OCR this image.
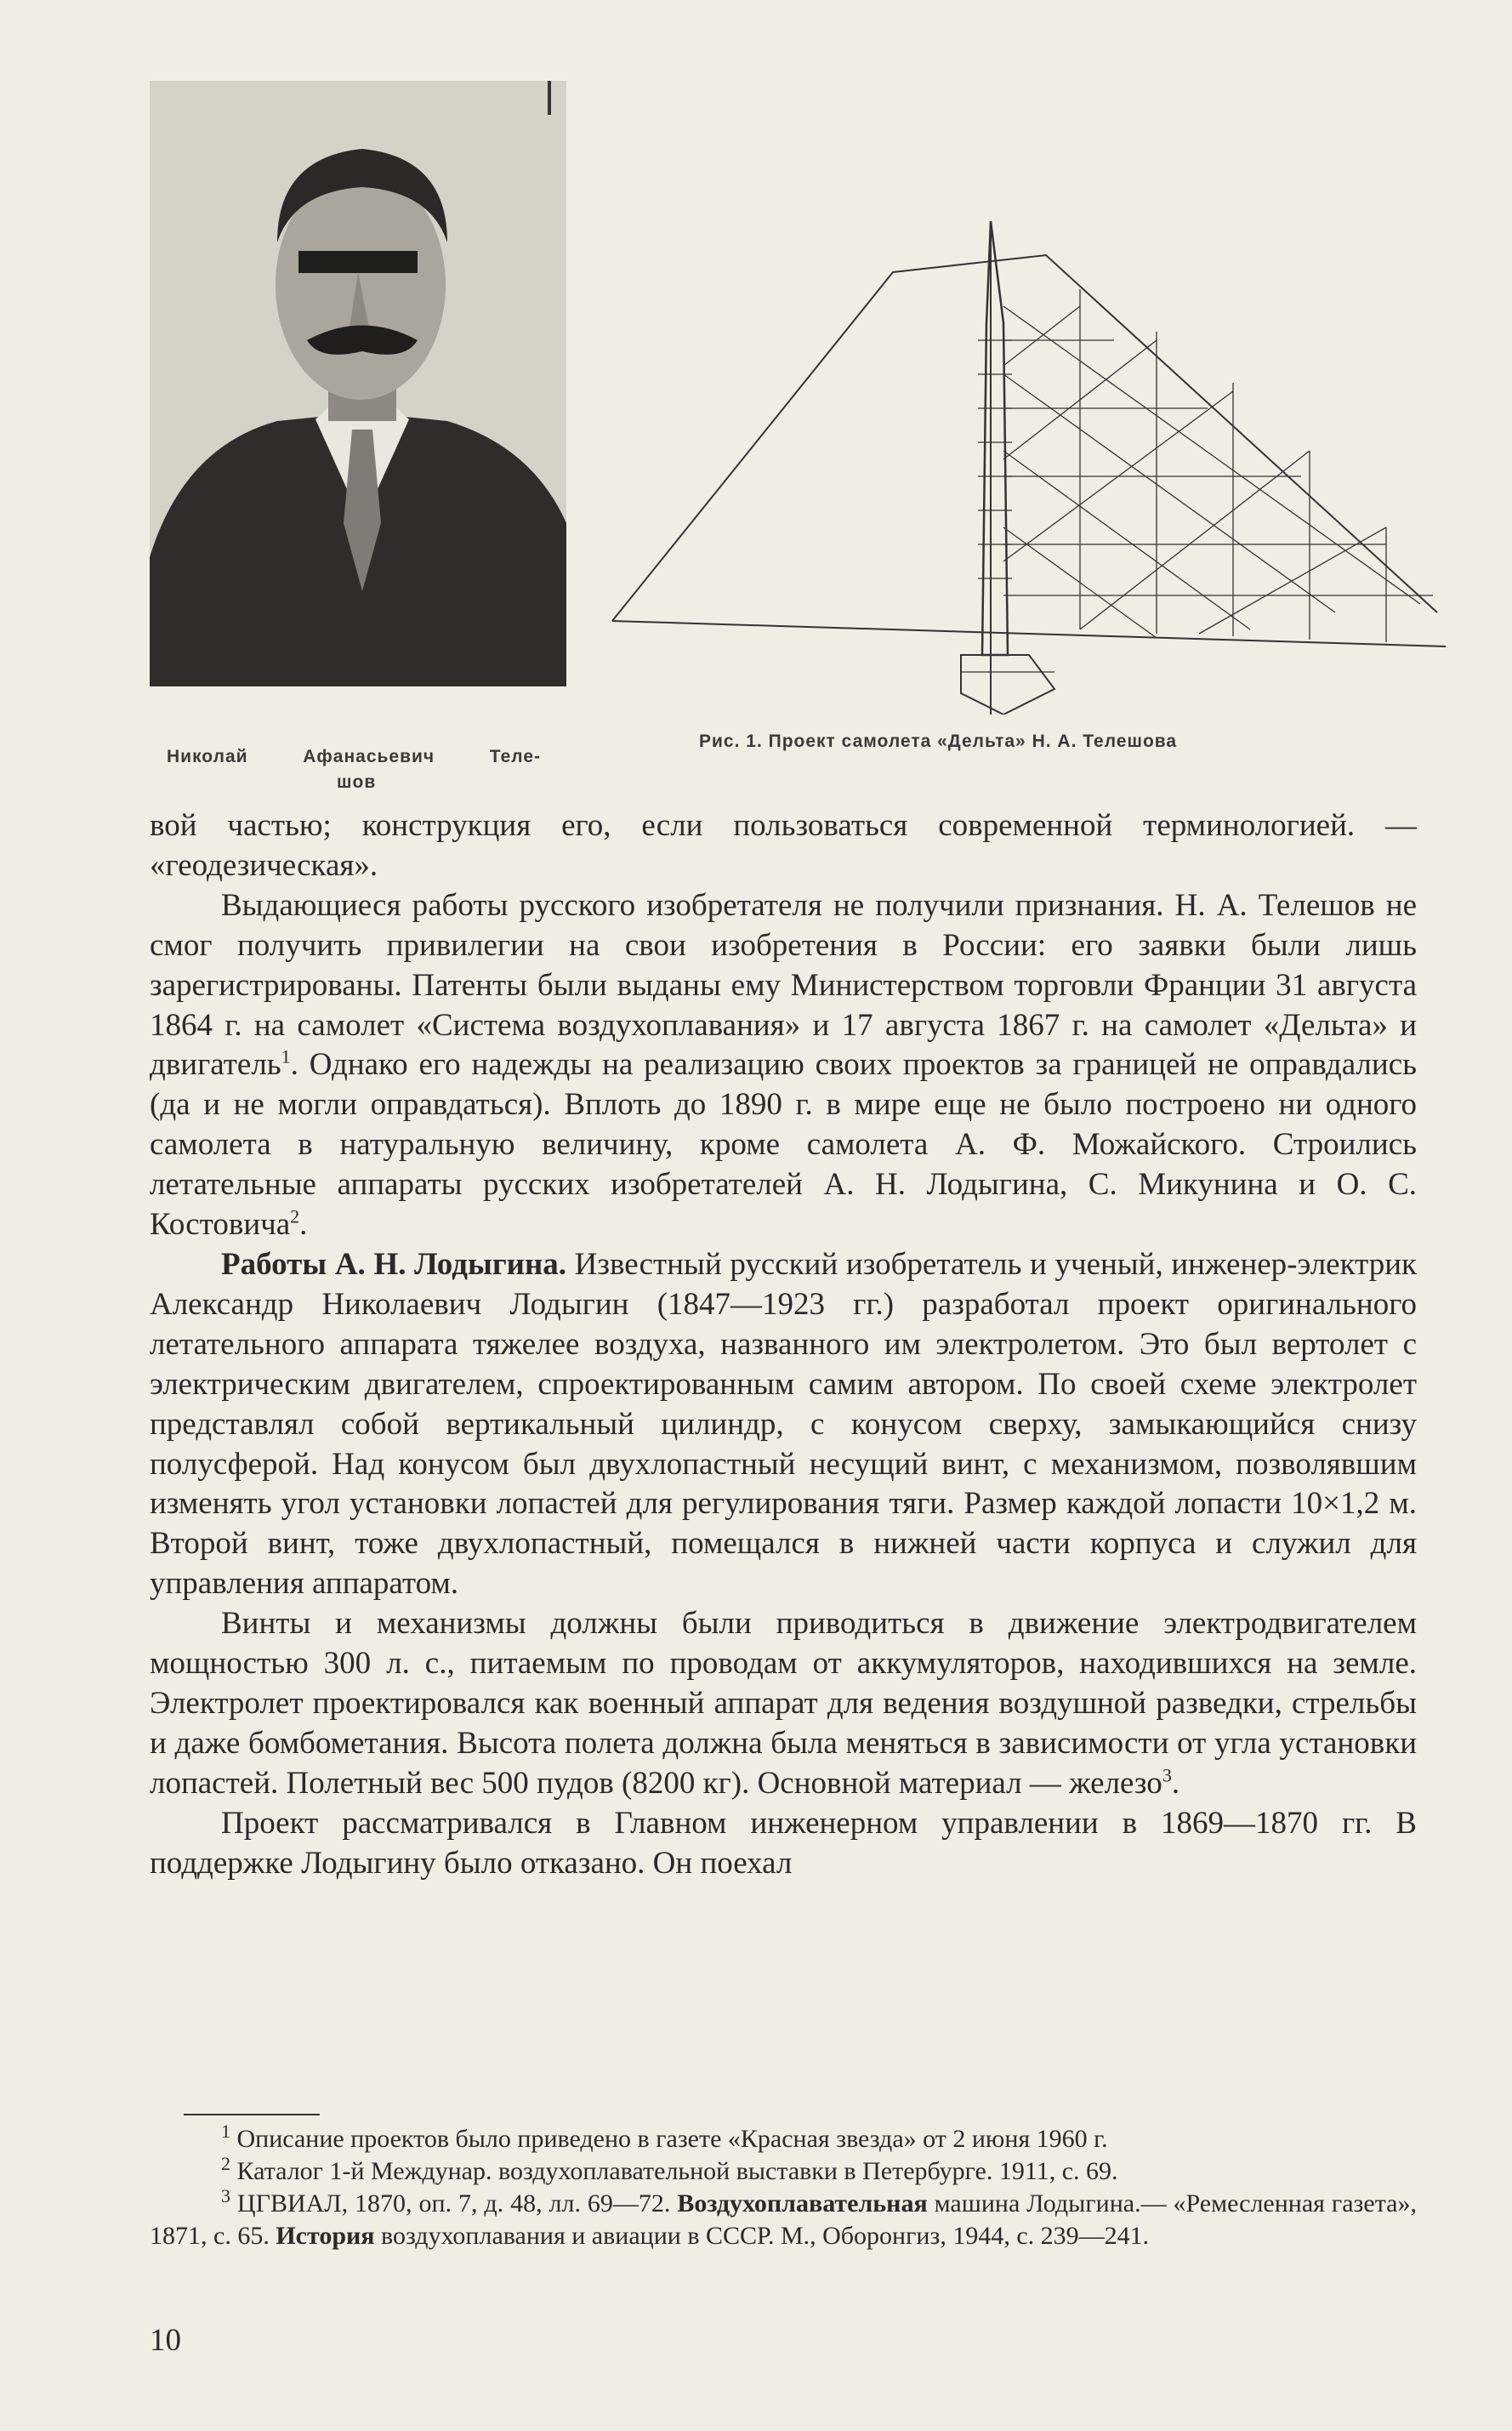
Николай	Афанасьевич	Теле-
шов
Рис. 1. Проект самолета «Дельта» Н. А. Телешова

вой частью; конструкция его, если пользоваться современной терминологией. — «геодезическая».

Выдающиеся работы русского изобретателя не получили признания. Н. А. Телешов не смог получить привилегии на свои изобретения в России: его заявки были лишь зарегистрированы. Патенты были выданы ему Министерством торговли Франции 31 августа 1864 г. на самолет «Система воздухоплавания» и 17 августа 1867 г. на самолет «Дельта» и двигатель$^1$. Однако его надежды на реализацию своих проектов за границей не оправдались (да и не могли оправдаться). Вплоть до 1890 г. в мире еще не было построено ни одного самолета в натуральную величину, кроме самолета А. Ф. Можайского. Строились летательные аппараты русских изобретателей А. Н. Лодыгина, С. Микунина и О. С. Костовича$^2$.

Работы А. Н. Лодыгина. Известный русский изобретатель и ученый, инженер-электрик Александр Николаевич Лодыгин (1847—1923 гг.) разработал проект оригинального летательного аппарата тяжелее воздуха, названного им электролетом. Это был вертолет с электрическим двигателем, спроектированным самим автором. По своей схеме электролет представлял собой вертикальный цилиндр, с конусом сверху, замыкающийся снизу полусферой. Над конусом был двухлопастный несущий винт, с механизмом, позволявшим изменять угол установки лопастей для регулирования тяги. Размер каждой лопасти 10×1,2 м. Второй винт, тоже двухлопастный, помещался в нижней части корпуса и служил для управления аппаратом.

Винты и механизмы должны были приводиться в движение электродвигателем мощностью 300 л. с., питаемым по проводам от аккумуляторов, находившихся на земле. Электролет проектировался как военный аппарат для ведения воздушной разведки, стрельбы и даже бомбометания. Высота полета должна была меняться в зависимости от угла установки лопастей. Полетный вес 500 пудов (8200 кг). Основной материал — железо$^3$.

Проект рассматривался в Главном инженерном управлении в 1869—1870 гг. В поддержке Лодыгину было отказано. Он поехал

$^1$ Описание проектов было приведено в газете «Красная звезда» от 2 июня 1960 г.

$^2$ Каталог 1-й Междунар. воздухоплавательной выставки в Петербурге. 1911, с. 69.

$^3$ ЦГВИАЛ, 1870, оп. 7, д. 48, лл. 69—72. Воздухоплавательная машина Лодыгина.— «Ремесленная газета», 1871, с. 65. История воздухоплавания и авиации в СССР. М., Оборонгиз, 1944, с. 239—241.

10
